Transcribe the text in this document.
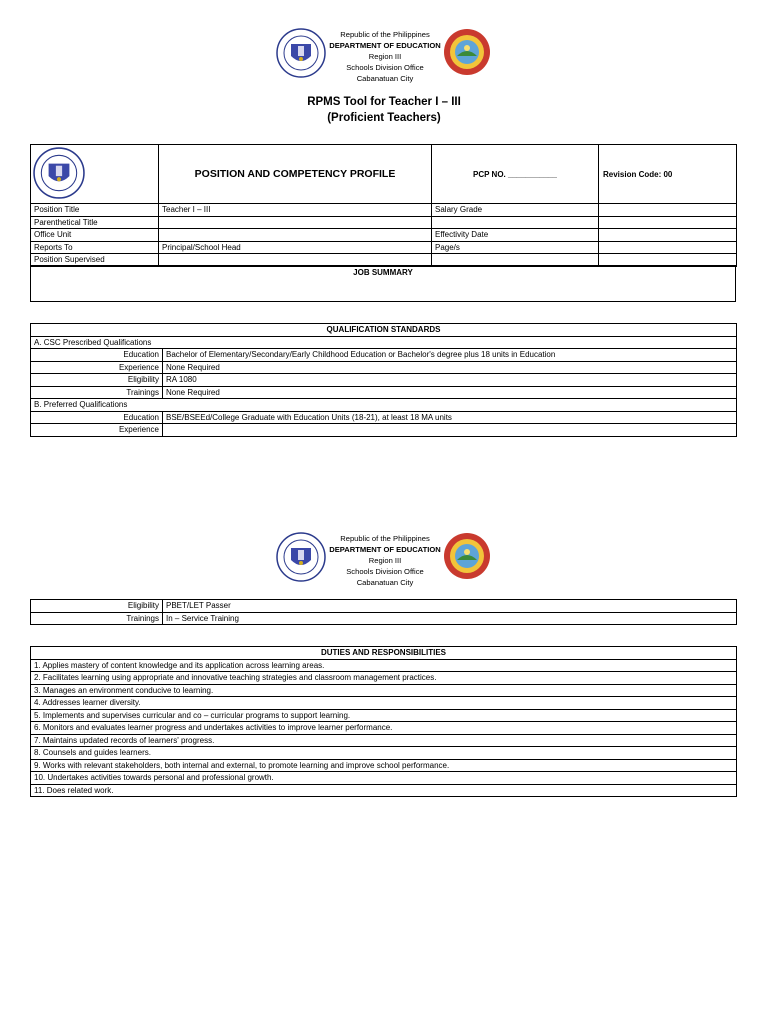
Republic of the Philippines
DEPARTMENT OF EDUCATION
Region III
Schools Division Office
Cabanatuan City
RPMS Tool for Teacher I – III
(Proficient Teachers)
	POSITION AND COMPETENCY PROFILE	PCP NO. ___________	Revision Code: 00
Position Title	Teacher I – III	Salary Grade	
Parenthetical Title			
Office Unit		Effectivity Date	
Reports To	Principal/School Head	Page/s	
Position Supervised			
JOB SUMMARY
QUALIFICATION STANDARDS	
A. CSC Prescribed Qualifications	
Education	Bachelor of Elementary/Secondary/Early Childhood Education or Bachelor's degree plus 18 units in Education
Experience	None Required
Eligibility	RA 1080
Trainings	None Required
B. Preferred Qualifications	
Education	BSE/BSEEd/College Graduate with Education Units (18-21), at least 18 MA units
Experience	
Republic of the Philippines
DEPARTMENT OF EDUCATION
Region III
Schools Division Office
Cabanatuan City
Eligibility	PBET/LET Passer
Trainings	In – Service Training
DUTIES AND RESPONSIBILITIES
1. Applies mastery of content knowledge and its application across learning areas.
2. Facilitates learning using appropriate and innovative teaching strategies and classroom management practices.
3. Manages an environment conducive to learning.
4. Addresses learner diversity.
5. Implements and supervises curricular and co – curricular programs to support learning.
6. Monitors and evaluates learner progress and undertakes activities to improve learner performance.
7. Maintains updated records of learners' progress.
8. Counsels and guides learners.
9. Works with relevant stakeholders, both internal and external, to promote learning and improve school performance.
10. Undertakes activities towards personal and professional growth.
11. Does related work.
